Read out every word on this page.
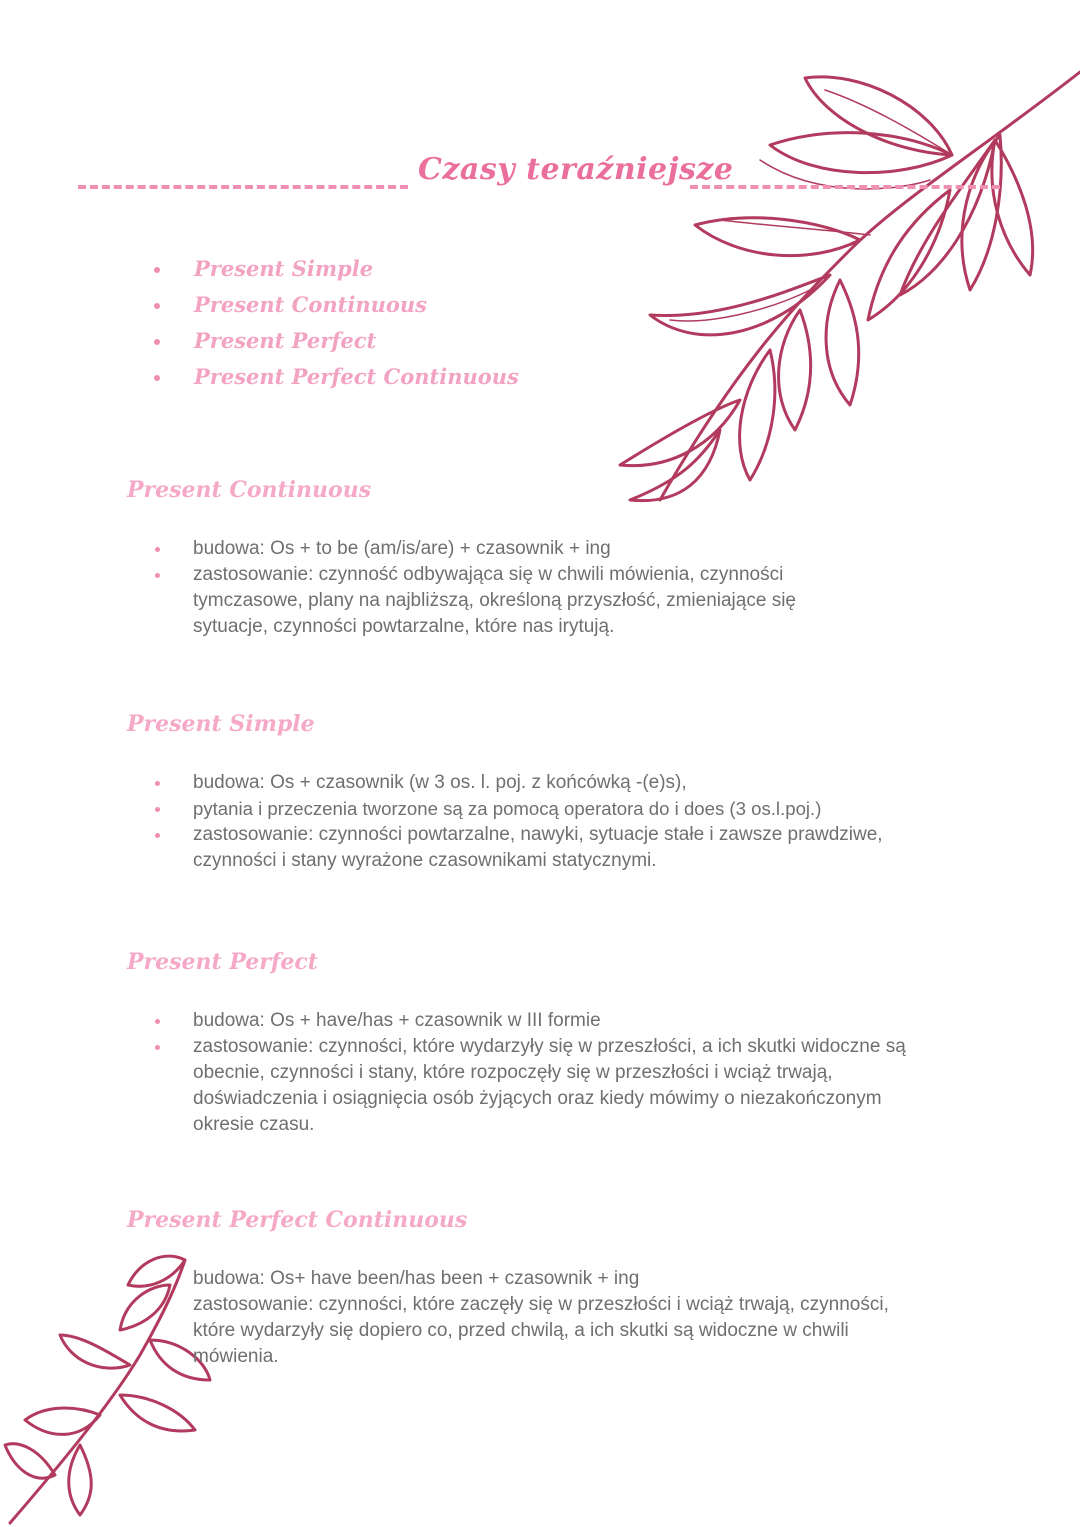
Czasy teraźniejsze
Present Simple
Present Continuous
Present Perfect
Present Perfect Continuous
Present Continuous
budowa: Os + to be (am/is/are) + czasownik + ing
zastosowanie: czynność odbywająca się w chwili mówienia, czynności tymczasowe, plany na najbliższą, określoną przyszłość, zmieniające się sytuacje, czynności powtarzalne, które nas irytują.
Present Simple
budowa: Os + czasownik (w 3 os. l. poj. z końcówką -(e)s),
pytania i przeczenia tworzone są za pomocą operatora do i does (3 os.l.poj.)
zastosowanie: czynności powtarzalne, nawyki, sytuacje stałe i zawsze prawdziwe, czynności i stany wyrażone czasownikami statycznymi.
Present Perfect
budowa: Os + have/has + czasownik w III formie
zastosowanie: czynności, które wydarzyły się w przeszłości, a ich skutki widoczne są obecnie, czynności i stany, które rozpoczęły się w przeszłości i wciąż trwają, doświadczenia i osiągnięcia osób żyjących oraz kiedy mówimy o niezakończonym okresie czasu.
Present Perfect Continuous
budowa: Os+ have been/has been + czasownik + ing
zastosowanie: czynności, które zaczęły się w przeszłości i wciąż trwają, czynności, które wydarzyły się dopiero co, przed chwilą, a ich skutki są widoczne w chwili mówienia.
